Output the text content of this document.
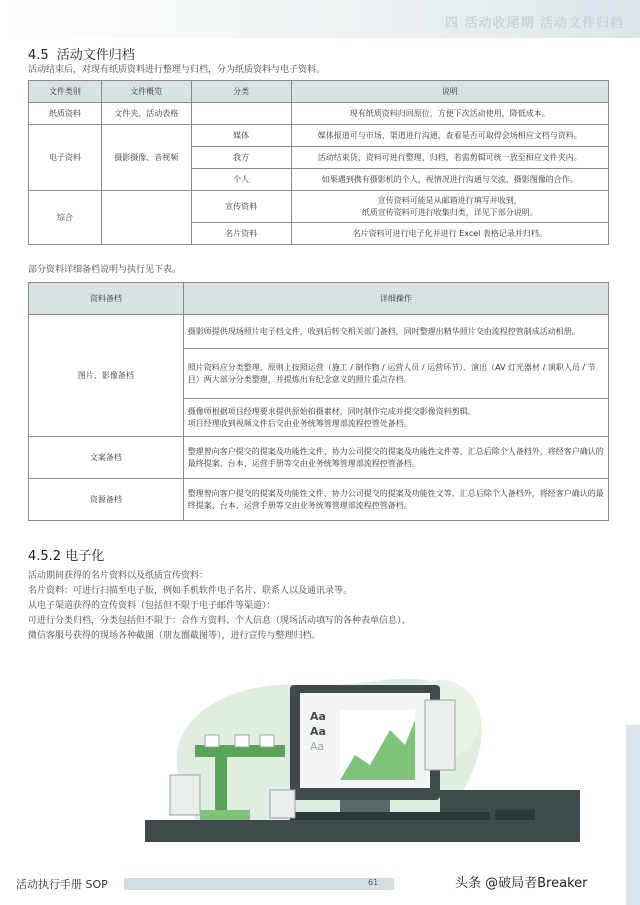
四 活动收尾期 活动文件归档
4.5 活动文件归档
活动结束后，对现有纸质资料进行整理与归档，分为纸质资料与电子资料。
文件类别	文件概览	分类	说明
纸质资料	文件夹、活动表格		现有纸质资料归回原位，方便下次活动使用，降低成本。
电子资料	摄影摄像、音视频	媒体	媒体报道可与市场、渠道进行沟通，查看是否可取得会场相应文档与资料。
		我方	活动结束货，资料可进行整理、归档，若需剪辑可统一放至相应文件夹内。
		个人	如果遇到携有摄影机的个人，视情况进行沟通与交流、摄影图像的合作。
综合		宣传资料	宣传资料可能是从邮箱进行填写并收到，
纸质宣传资料可进行收集归类，详见下部分说明。

		名片资料	名片资料可进行电子化并进行 Excel 表格记录并归档。
部分资料详细备档说明与执行见下表。
资料备档	详细操作
图片、影像备档	摄影师提供现场照片电子档文件，收到后转交相关部门备档，同时整理出精华照片交由流程控管制成活动相册。
	照片资料应分类整理，原则上按照运营（施工 / 制作物 / 运营人员 / 运营环节）、演出（AV 灯光器材 / 演职人员 / 节目）两大部分分类整理，并提炼出有纪念意义的照片重点存档。

	摄像师根据项目经理要求提供原始拍摄素材，同时制作完成并提交影像资料剪辑。
项目经理收到视频文件后交由业务统筹管理部流程控管处备档。

文案备档	整理曾向客户提交的提案及功能性文件、协力公司提交的提案及功能性文件等，汇总后除个人备档外，将经客户确认的最终提案、台本、运营手册等交由业务统筹管理部流程控管备档。
资源备档	整理曾向客户提交的提案及功能性文件、协力公司提交的提案及功能性文等，汇总后除个人备档外，将经客户确认的最终提案、台本、运营手册等交由业务统筹管理部流程控管备档。
4.5.2 电子化
活动期间获得的名片资料以及纸质宣传资料：
名片资料：可进行扫描至电子版，例如手机软件电子名片、联系人以及通讯录等。
从电子渠道获得的宣传资料（包括但不限于电子邮件等渠道）：
可进行分类归档，分类包括但不限于：合作方资料、个人信息（现场活动填写的各种表单信息）、
微信客服号获得的现场各种截图（朋友圈截图等），进行宣传与整理归档。
Aa
Aa
Aa
活动执行手册 SOP	61	头条 @破局者Breaker
